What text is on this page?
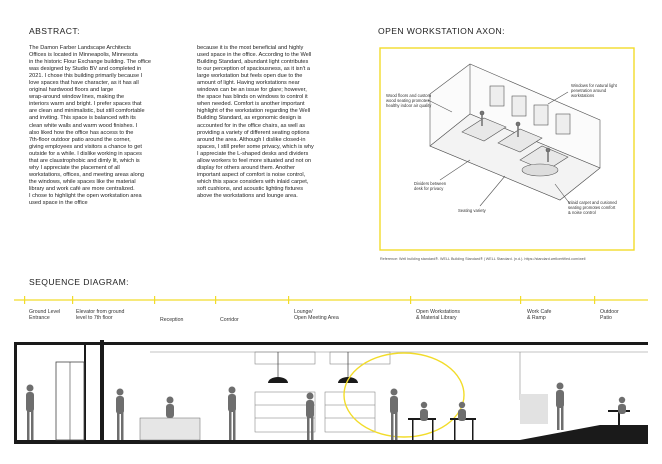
ABSTRACT:
The Damon Farber Landscape Architects
Offices is located in Minneapolis, Minnesota
in the historic Flour Exchange building. The office
was designed by Studio BV and completed in
2021. I chose this building primarily because I
love spaces that have character, as it has all
original hardwood floors and large
wrap-around window lines, making the
interiors warm and bright. I prefer spaces that
are clean and minimalistic, but still comfortable
and inviting. This space is balanced with its
clean white walls and warm wood finishes. I
also liked how the office has access to the
7th-floor outdoor patio around the corner,
giving employees and visitors a chance to get
outside for a while. I dislike working in spaces
that are claustrophobic and dimly lit, which is
why I appreciate the placement of all
workstations, offices, and meeting areas along
the windows, while spaces like the material
library and work café are more centralized.
I chose to highlight the open workstation area
used space in the office
because it is the most beneficial and highly
used space in the office. According to the Well
Building Standard, abundant light contributes
to our perception of spaciousness, as it isn't a
large workstation but feels open due to the
amount of light. Having workstations near
windows can be an issue for glare; however,
the space has blinds on windows to control it
when needed. Comfort is another important
highlight of the workstation regarding the Well
Building Standard, as ergonomic design is
accounted for in the office chairs, as well as
providing a variety of different seating options
around the area. Although I dislike closed-in
spaces, I still prefer some privacy, which is why
I appreciate the L-shaped desks and dividers
allow workers to feel more situated and not on
display for others around them. Another
important aspect of comfort is noise control,
which this space considers with inlaid carpet,
soft cushions, and acoustic lighting fixtures
above the workstations and lounge area.
OPEN WORKSTATION AXON:
Wood floors and custom
wood seating promotes
healthy indoor air quality
Windows for natural light
penetration around
workstations
Dividers between
desk for privacy
Seating variety
Inlaid carpet and cusioned
seating promotes comfort
& noise control
Reference: Well building standard®. WELL Building Standard® | WELL Standard. (n.d.). https://standard.wellcertified.com/well
SEQUENCE DIAGRAM:
Ground Level
Entrance
Elevator from ground
level to 7th floor	Reception	Corridor
Lounge/
Open Meeting Area
Open Workstations
& Material Library
Work Cafe
& Ramp
Outdoor
Patio
